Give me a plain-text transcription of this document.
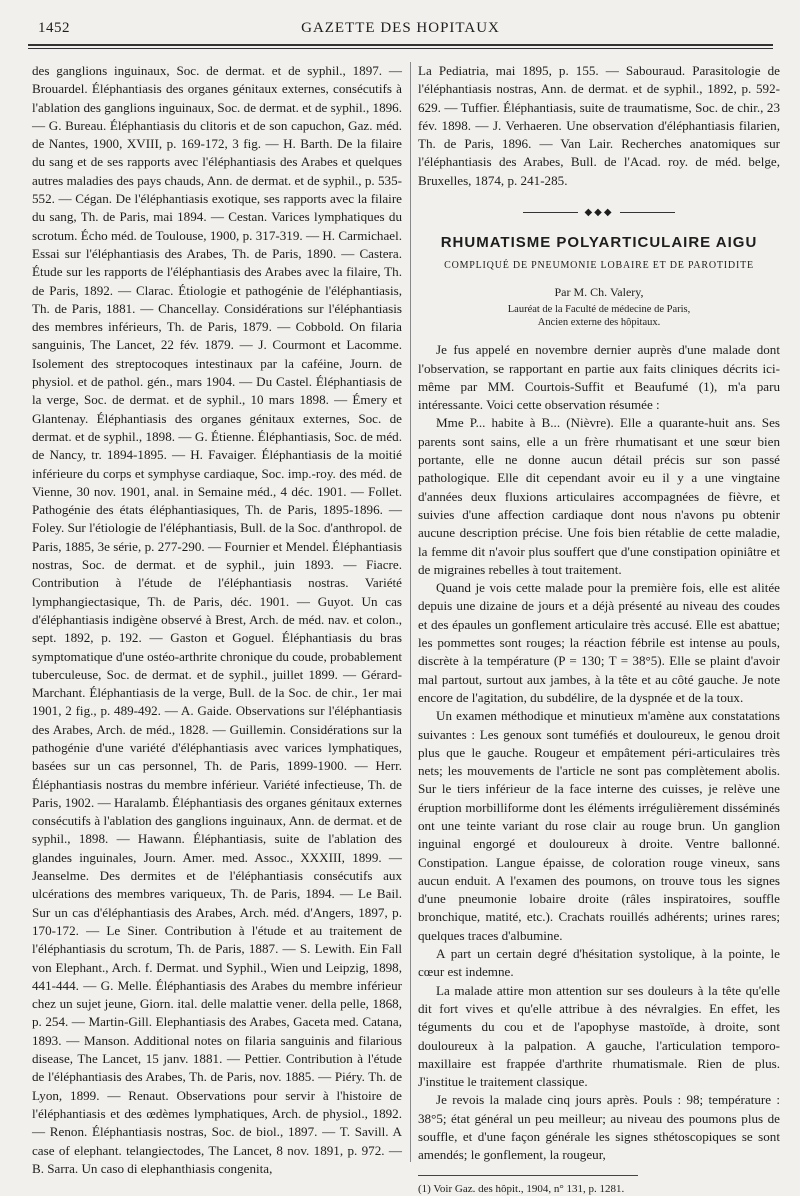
1452	GAZETTE DES HOPITAUX

des ganglions inguinaux, Soc. de dermat. et de syphil., 1897. — Brouardel. Éléphantiasis des organes génitaux externes, consécutifs à l'ablation des ganglions inguinaux, Soc. de dermat. et de syphil., 1896. — G. Bureau. Éléphantiasis du clitoris et de son capuchon, Gaz. méd. de Nantes, 1900, XVIII, p. 169-172, 3 fig. — H. Barth. De la filaire du sang et de ses rapports avec l'éléphantiasis des Arabes et quelques autres maladies des pays chauds, Ann. de dermat. et de syphil., p. 535-552. — Cégan. De l'éléphantiasis exotique, ses rapports avec la filaire du sang, Th. de Paris, mai 1894. — Cestan. Varices lymphatiques du scrotum. Écho méd. de Toulouse, 1900, p. 317-319. — H. Carmichael. Essai sur l'éléphantiasis des Arabes, Th. de Paris, 1890. — Castera. Étude sur les rapports de l'éléphantiasis des Arabes avec la filaire, Th. de Paris, 1892. — Clarac. Étiologie et pathogénie de l'éléphantiasis, Th. de Paris, 1881. — Chancellay. Considérations sur l'éléphantiasis des membres inférieurs, Th. de Paris, 1879. — Cobbold. On filaria sanguinis, The Lancet, 22 fév. 1879. — J. Courmont et Lacomme. Isolement des streptocoques intestinaux par la caféine, Journ. de physiol. et de pathol. gén., mars 1904. — Du Castel. Éléphantiasis de la verge, Soc. de dermat. et de syphil., 10 mars 1898. — Émery et Glantenay. Éléphantiasis des organes génitaux externes, Soc. de dermat. et de syphil., 1898. — G. Étienne. Éléphantiasis, Soc. de méd. de Nancy, tr. 1894-1895. — H. Favaiger. Éléphantiasis de la moitié inférieure du corps et symphyse cardiaque, Soc. imp.-roy. des méd. de Vienne, 30 nov. 1901, anal. in Semaine méd., 4 déc. 1901. — Follet. Pathogénie des états éléphantiasiques, Th. de Paris, 1895-1896. — Foley. Sur l'étiologie de l'éléphantiasis, Bull. de la Soc. d'anthropol. de Paris, 1885, 3e série, p. 277-290. — Fournier et Mendel. Éléphantiasis nostras, Soc. de dermat. et de syphil., juin 1893. — Fiacre. Contribution à l'étude de l'éléphantiasis nostras. Variété lymphangiectasique, Th. de Paris, déc. 1901. — Guyot. Un cas d'éléphantiasis indigène observé à Brest, Arch. de méd. nav. et colon., sept. 1892, p. 192. — Gaston et Goguel. Éléphantiasis du bras symptomatique d'une ostéo-arthrite chronique du coude, probablement tuberculeuse, Soc. de dermat. et de syphil., juillet 1899. — Gérard-Marchant. Éléphantiasis de la verge, Bull. de la Soc. de chir., 1er mai 1901, 2 fig., p. 489-492. — A. Gaide. Observations sur l'éléphantiasis des Arabes, Arch. de méd., 1828. — Guillemin. Considérations sur la pathogénie d'une variété d'éléphantiasis avec varices lymphatiques, basées sur un cas personnel, Th. de Paris, 1899-1900. — Herr. Éléphantiasis nostras du membre inférieur. Variété infectieuse, Th. de Paris, 1902. — Haralamb. Éléphantiasis des organes génitaux externes consécutifs à l'ablation des ganglions inguinaux, Ann. de dermat. et de syphil., 1898. — Hawann. Éléphantiasis, suite de l'ablation des glandes inguinales, Journ. Amer. med. Assoc., XXXIII, 1899. — Jeanselme. Des dermites et de l'éléphantiasis consécutifs aux ulcérations des membres variqueux, Th. de Paris, 1894. — Le Bail. Sur un cas d'éléphantiasis des Arabes, Arch. méd. d'Angers, 1897, p. 170-172. — Le Siner. Contribution à l'étude et au traitement de l'éléphantiasis du scrotum, Th. de Paris, 1887. — S. Lewith. Ein Fall von Elephant., Arch. f. Dermat. und Syphil., Wien und Leipzig, 1898, 441-444. — G. Melle. Éléphantiasis des Arabes du membre inférieur chez un sujet jeune, Giorn. ital. delle malattie vener. della pelle, 1868, p. 254. — Martin-Gill. Elephantiasis des Arabes, Gaceta med. Catana, 1893. — Manson. Additional notes on filaria sanguinis and filarious disease, The Lancet, 15 janv. 1881. — Pettier. Contribution à l'étude de l'éléphantiasis des Arabes, Th. de Paris, nov. 1885. — Piéry. Th. de Lyon, 1899. — Renaut. Observations pour servir à l'histoire de l'éléphantiasis et des œdèmes lymphatiques, Arch. de physiol., 1892. — Renon. Éléphantiasis nostras, Soc. de biol., 1897. — T. Savill. A case of elephant. telangiectodes, The Lancet, 8 nov. 1891, p. 972. — B. Sarra. Un caso di elephanthiasis congenita,

La Pediatria, mai 1895, p. 155. — Sabouraud. Parasitologie de l'éléphantiasis nostras, Ann. de dermat. et de syphil., 1892, p. 592-629. — Tuffier. Éléphantiasis, suite de traumatisme, Soc. de chir., 23 fév. 1898. — J. Verhaeren. Une observation d'éléphantiasis filarien, Th. de Paris, 1896. — Van Lair. Recherches anatomiques sur l'éléphantiasis des Arabes, Bull. de l'Acad. roy. de méd. belge, Bruxelles, 1874, p. 241-285.

◆◆◆
RHUMATISME POLYARTICULAIRE AIGU
COMPLIQUÉ DE PNEUMONIE LOBAIRE ET DE PAROTIDITE
Par M. Ch. Valery,
Lauréat de la Faculté de médecine de Paris,
Ancien externe des hôpitaux.

Je fus appelé en novembre dernier auprès d'une malade dont l'observation, se rapportant en partie aux faits cliniques décrits ici-même par MM. Courtois-Suffit et Beaufumé (1), m'a paru intéressante. Voici cette observation résumée :

Mme P... habite à B... (Nièvre). Elle a quarante-huit ans. Ses parents sont sains, elle a un frère rhumatisant et une sœur bien portante, elle ne donne aucun détail précis sur son passé pathologique. Elle dit cependant avoir eu il y a une vingtaine d'années deux fluxions articulaires accompagnées de fièvre, et suivies d'une affection cardiaque dont nous n'avons pu obtenir aucune description précise. Une fois bien rétablie de cette maladie, la femme dit n'avoir plus souffert que d'une constipation opiniâtre et de migraines rebelles à tout traitement.

Quand je vois cette malade pour la première fois, elle est alitée depuis une dizaine de jours et a déjà présenté au niveau des coudes et des épaules un gonflement articulaire très accusé. Elle est abattue; les pommettes sont rouges; la réaction fébrile est intense au pouls, discrète à la température (P = 130; T = 38°5). Elle se plaint d'avoir mal partout, surtout aux jambes, à la tête et au côté gauche. Je note encore de l'agitation, du subdélire, de la dyspnée et de la toux.

Un examen méthodique et minutieux m'amène aux constatations suivantes : Les genoux sont tuméfiés et douloureux, le genou droit plus que le gauche. Rougeur et empâtement péri-articulaires très nets; les mouvements de l'article ne sont pas complètement abolis. Sur le tiers inférieur de la face interne des cuisses, je relève une éruption morbilliforme dont les éléments irrégulièrement disséminés ont une teinte variant du rose clair au rouge brun. Un ganglion inguinal engorgé et douloureux à droite. Ventre ballonné. Constipation. Langue épaisse, de coloration rouge vineux, sans aucun enduit. A l'examen des poumons, on trouve tous les signes d'une pneumonie lobaire droite (râles inspiratoires, souffle bronchique, matité, etc.). Crachats rouillés adhérents; urines rares; quelques traces d'albumine.

A part un certain degré d'hésitation systolique, à la pointe, le cœur est indemne.

La malade attire mon attention sur ses douleurs à la tête qu'elle dit fort vives et qu'elle attribue à des névralgies. En effet, les téguments du cou et de l'apophyse mastoïde, à droite, sont douloureux à la palpation. A gauche, l'articulation temporo-maxillaire est frappée d'arthrite rhumatismale. Rien de plus. J'institue le traitement classique.

Je revois la malade cinq jours après. Pouls : 98; température : 38°5; état général un peu meilleur; au niveau des poumons plus de souffle, et d'une façon générale les signes sthétoscopiques se sont amendés; le gonflement, la rougeur,

(1) Voir Gaz. des hôpit., 1904, n° 131, p. 1281.
